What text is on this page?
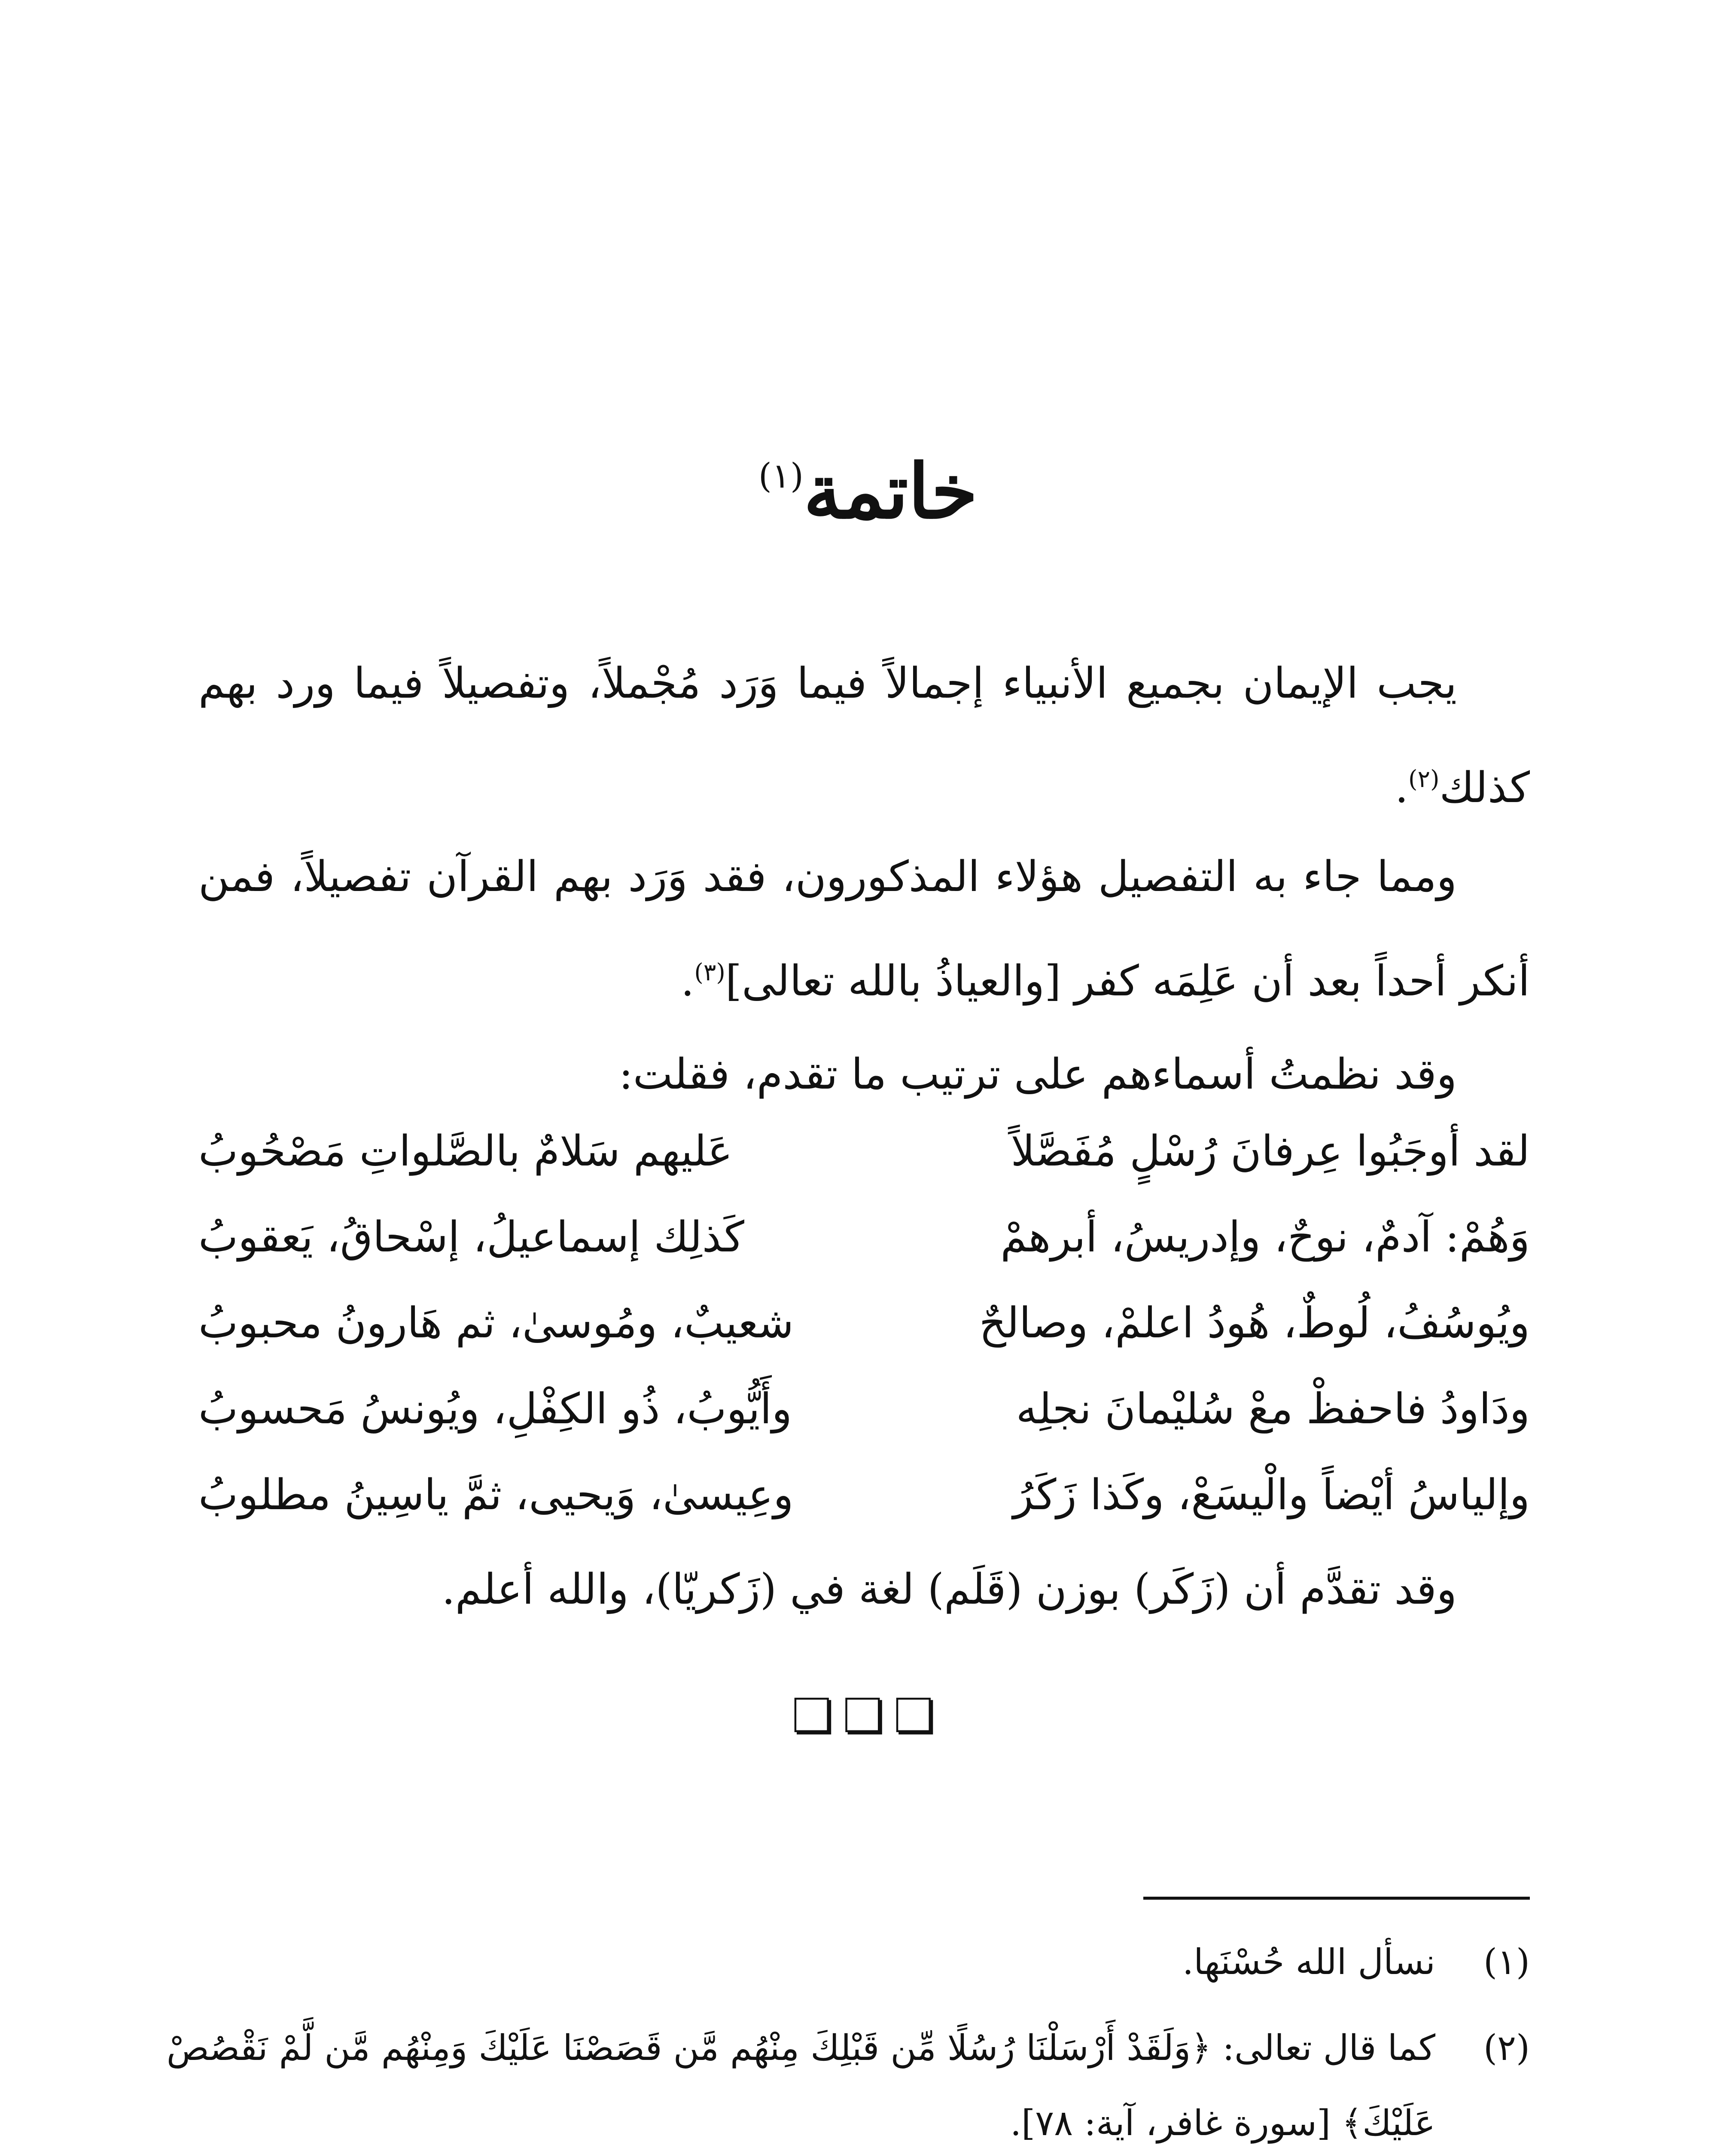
خاتمة$^{(١)}$
يجب الإيمان بجميع الأنبياء إجمالاً فيما وَرَد مُجْملاً، وتفصيلاً فيما ورد بهم كذلك$^{(٢)}$.
ومما جاء به التفصيل هؤلاء المذكورون، فقد وَرَد بهم القرآن تفصيلاً، فمن أنكر أحداً بعد أن عَلِمَه كفر [والعياذُ بالله تعالى]$^{(٣)}$.
وقد نظمتُ أسماءهم على ترتيب ما تقدم، فقلت:
لقد أوجَبُوا عِرفانَ رُسْلٍ مُفَصَّلاً
عَليهم سَلامٌ بالصَّلواتِ مَصْحُوبُ
وَهُمْ: آدمٌ، نوحٌ، وإدريسُ، أبرهمْ
كَذلِك إسماعيلُ، إسْحاقُ، يَعقوبُ
ويُوسُفُ، لُوطٌ، هُودُ اعلمْ، وصالحٌ
شعيبٌ، ومُوسىٰ، ثم هَارونُ محبوبُ
ودَاودُ فاحفظْ معْ سُليْمانَ نجلِه
وأَيُّوبُ، ذُو الكِفْلِ، ويُونسُ مَحسوبُ
وإلياسُ أيْضاً والْيسَعْ، وكَذا زَكَرُ
وعِيسىٰ، وَيحيى، ثمَّ ياسِينُ مطلوبُ
وقد تقدَّم أن (زَكَر) بوزن (قَلَم) لغة في (زَكريّا)، والله أعلم.
❏❏❏
(١)نسأل الله حُسْنَها.
(٢)كما قال تعالى: ﴿وَلَقَدْ أَرْسَلْنَا رُسُلًا مِّن قَبْلِكَ مِنْهُم مَّن قَصَصْنَا عَلَيْكَ وَمِنْهُم مَّن لَّمْ نَقْصُصْ
عَلَيْكَ﴾ [سورة غافر، آية: ٧٨].
